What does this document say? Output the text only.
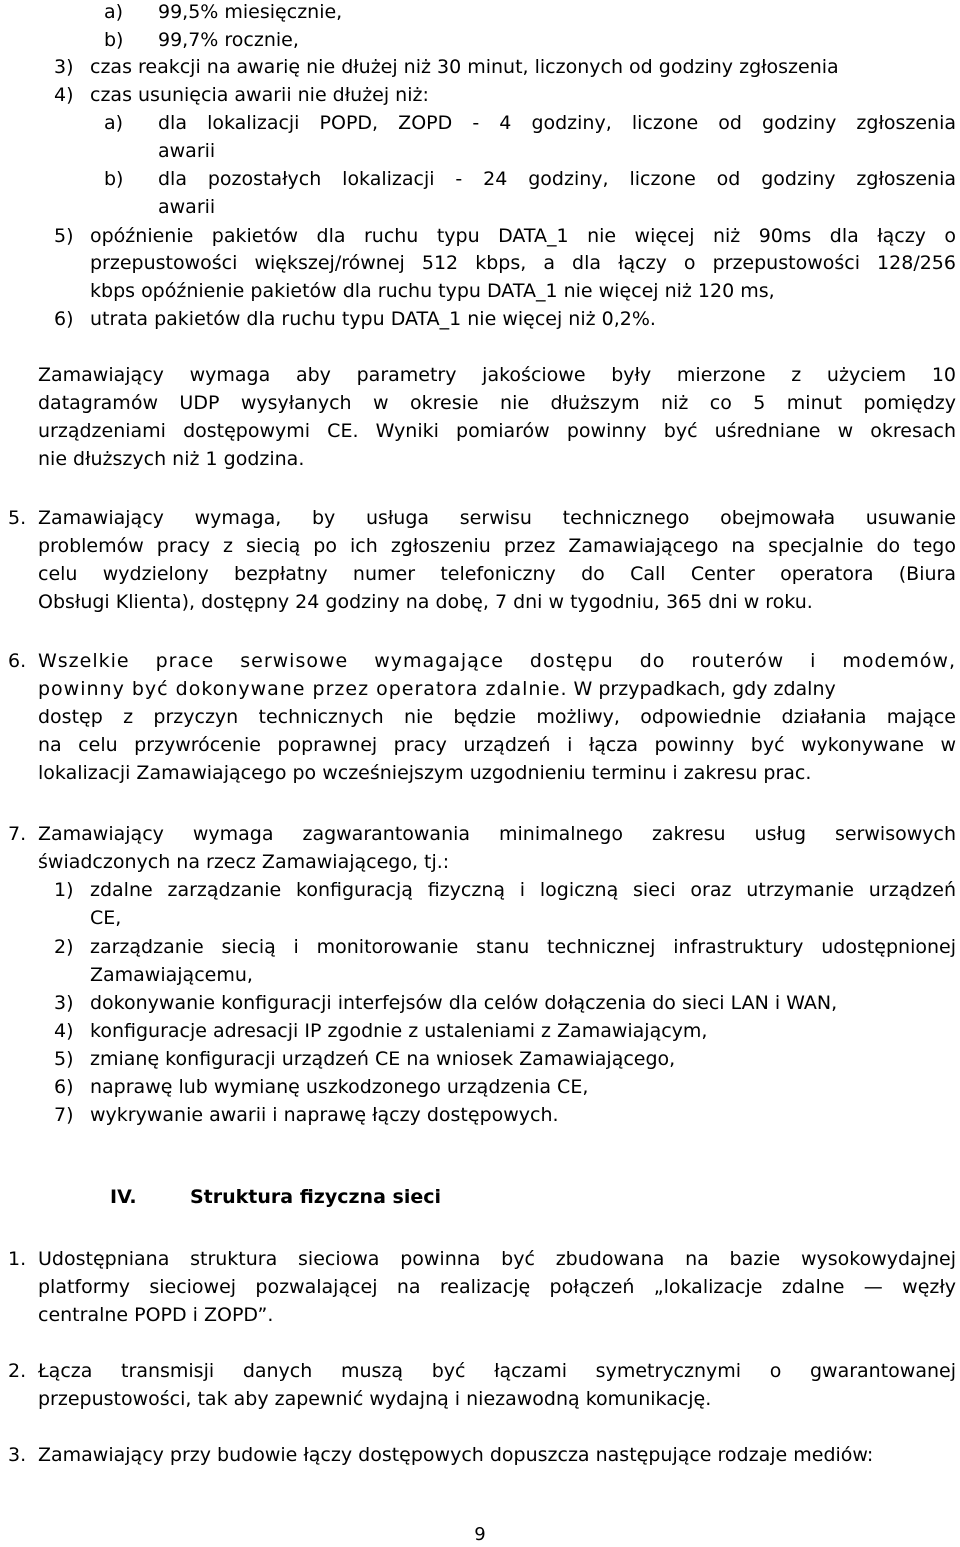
a) 99,5% miesięcznie,
b) 99,7% rocznie,
3) czas reakcji na awarię nie dłużej niż 30 minut, liczonych od godziny zgłoszenia
4) czas usunięcia awarii nie dłużej niż:
a) dla lokalizacji POPD, ZOPD - 4 godziny, liczone od godziny zgłoszenia
awarii
b) dla pozostałych lokalizacji - 24 godziny, liczone od godziny zgłoszenia
awarii
5) opóźnienie pakietów dla ruchu typu DATA_1 nie więcej niż 90ms dla łączy o
przepustowości większej/równej 512 kbps, a dla łączy o przepustowości 128/256
kbps opóźnienie pakietów dla ruchu typu DATA_1 nie więcej niż 120 ms,
6) utrata pakietów dla ruchu typu DATA_1 nie więcej niż 0,2%.
Zamawiający wymaga aby parametry jakościowe były mierzone z użyciem 10
datagramów UDP wysyłanych w okresie nie dłuższym niż co 5 minut pomiędzy
urządzeniami dostępowymi CE. Wyniki pomiarów powinny być uśredniane w okresach
nie dłuższych niż 1 godzina.
5. Zamawiający wymaga, by usługa serwisu technicznego obejmowała usuwanie
problemów pracy z siecią po ich zgłoszeniu przez Zamawiającego na specjalnie do tego
celu wydzielony bezpłatny numer telefoniczny do Call Center operatora (Biura
Obsługi Klienta), dostępny 24 godziny na dobę, 7 dni w tygodniu, 365 dni w roku.
6. Wszelkie prace serwisowe wymagające dostępu do routerów i modemów,
powinny być dokonywane przez operatora zdalnie. W przypadkach, gdy zdalny
dostęp z przyczyn technicznych nie będzie możliwy, odpowiednie działania mające
na celu przywrócenie poprawnej pracy urządzeń i łącza powinny być wykonywane w
lokalizacji Zamawiającego po wcześniejszym uzgodnieniu terminu i zakresu prac.
7. Zamawiający wymaga zagwarantowania minimalnego zakresu usług serwisowych
świadczonych na rzecz Zamawiającego, tj.:
1) zdalne zarządzanie konfiguracją fizyczną i logiczną sieci oraz utrzymanie urządzeń
CE,
2) zarządzanie siecią i monitorowanie stanu technicznej infrastruktury udostępnionej
Zamawiającemu,
3) dokonywanie konfiguracji interfejsów dla celów dołączenia do sieci LAN i WAN,
4) konfiguracje adresacji IP zgodnie z ustaleniami z Zamawiającym,
5) zmianę konfiguracji urządzeń CE na wniosek Zamawiającego,
6) naprawę lub wymianę uszkodzonego urządzenia CE,
7) wykrywanie awarii i naprawę łączy dostępowych.
IV.	Struktura fizyczna sieci
1. Udostępniana struktura sieciowa powinna być zbudowana na bazie wysokowydajnej
platformy sieciowej pozwalającej na realizację połączeń „lokalizacje zdalne — węzły
centralne POPD i ZOPD”.
2. Łącza transmisji danych muszą być łączami symetrycznymi o gwarantowanej
przepustowości, tak aby zapewnić wydajną i niezawodną komunikację.
3. Zamawiający przy budowie łączy dostępowych dopuszcza następujące rodzaje mediów:
9
